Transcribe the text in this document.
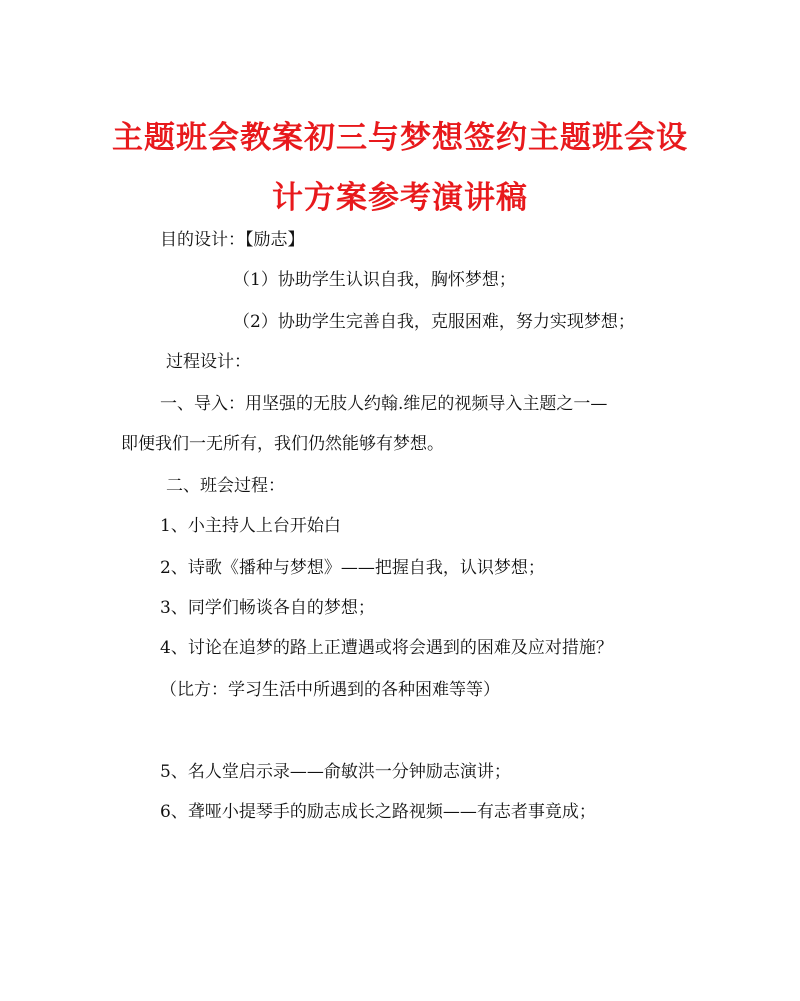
主题班会教案初三与梦想签约主题班会设
计方案参考演讲稿
目的设计：【励志】
（1）协助学生认识自我，胸怀梦想；
（2）协助学生完善自我，克服困难，努力实现梦想；
过程设计：
一、导入：用坚强的无肢人约翰.维尼的视频导入主题之一—
即便我们一无所有，我们仍然能够有梦想。
二、班会过程：
1、小主持人上台开始白
2、诗歌《播种与梦想》——把握自我，认识梦想；
3、同学们畅谈各自的梦想；
4、讨论在追梦的路上正遭遇或将会遇到的困难及应对措施？
（比方：学习生活中所遇到的各种困难等等）
5、名人堂启示录——俞敏洪一分钟励志演讲；
6、聋哑小提琴手的励志成长之路视频——有志者事竟成；
